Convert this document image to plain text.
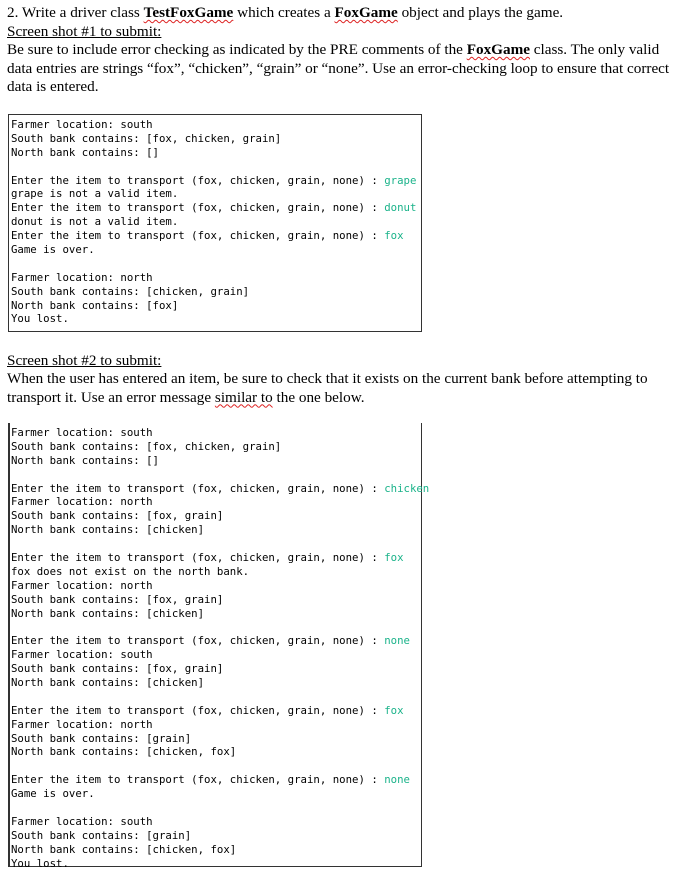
2. Write a driver class TestFoxGame which creates a FoxGame object and plays the game.

Screen shot #1 to submit:

Be sure to include error checking as indicated by the PRE comments of the FoxGame class. The only valid data entries are strings “fox”, “chicken”, “grain” or “none”. Use an error-checking loop to ensure that correct data is entered.

Farmer location: south
South bank contains: [fox, chicken, grain]
North bank contains: []
Enter the item to transport (fox, chicken, grain, none) : grape
grape is not a valid item.
Enter the item to transport (fox, chicken, grain, none) : donut
donut is not a valid item.
Enter the item to transport (fox, chicken, grain, none) : fox
Game is over.
Farmer location: north
South bank contains: [chicken, grain]
North bank contains: [fox]
You lost.

Screen shot #2 to submit:

When the user has entered an item, be sure to check that it exists on the current bank before attempting to transport it. Use an error message similar to the one below.

Farmer location: south
South bank contains: [fox, chicken, grain]
North bank contains: []
Enter the item to transport (fox, chicken, grain, none) : chicken
Farmer location: north
South bank contains: [fox, grain]
North bank contains: [chicken]
Enter the item to transport (fox, chicken, grain, none) : fox
fox does not exist on the north bank.
Farmer location: north
South bank contains: [fox, grain]
North bank contains: [chicken]
Enter the item to transport (fox, chicken, grain, none) : none
Farmer location: south
South bank contains: [fox, grain]
North bank contains: [chicken]
Enter the item to transport (fox, chicken, grain, none) : fox
Farmer location: north
South bank contains: [grain]
North bank contains: [chicken, fox]
Enter the item to transport (fox, chicken, grain, none) : none
Game is over.
Farmer location: south
South bank contains: [grain]
North bank contains: [chicken, fox]
You lost.
